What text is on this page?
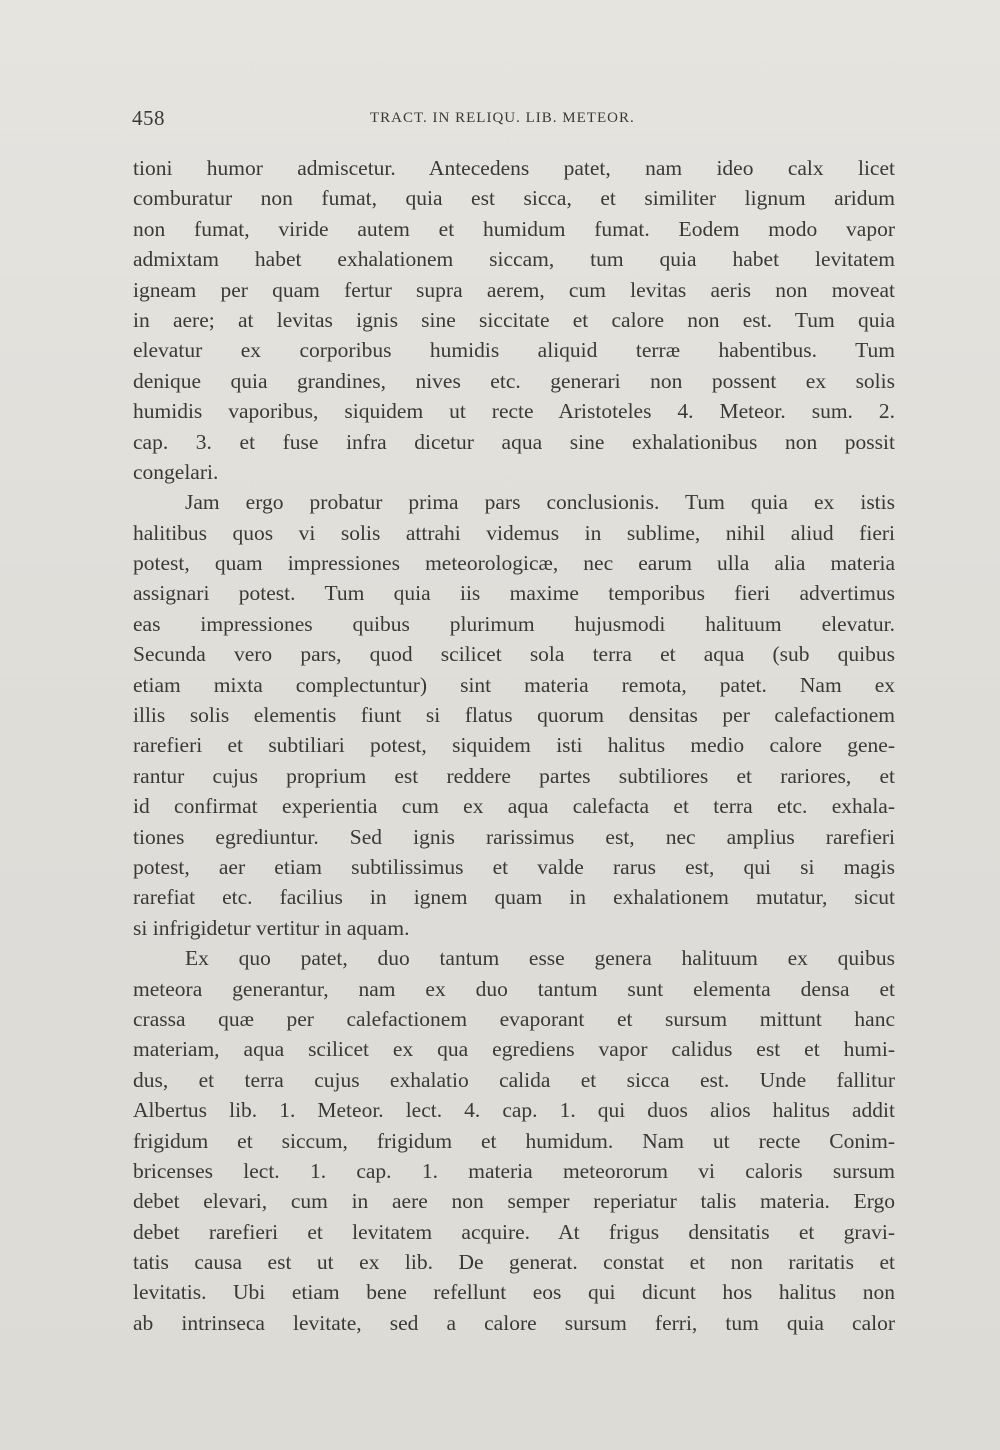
458	TRACT. IN RELIQU. LIB. METEOR.
tioni humor admiscetur. Antecedens patet, nam ideo calx licet
comburatur non fumat, quia est sicca, et similiter lignum aridum
non fumat, viride autem et humidum fumat. Eodem modo vapor
admixtam habet exhalationem siccam, tum quia habet levitatem
igneam per quam fertur supra aerem, cum levitas aeris non moveat
in aere; at levitas ignis sine siccitate et calore non est. Tum quia
elevatur ex corporibus humidis aliquid terræ habentibus. Tum
denique quia grandines, nives etc. generari non possent ex solis
humidis vaporibus, siquidem ut recte Aristoteles 4. Meteor. sum. 2.
cap. 3. et fuse infra dicetur aqua sine exhalationibus non possit
congelari.
Jam ergo probatur prima pars conclusionis. Tum quia ex istis
halitibus quos vi solis attrahi videmus in sublime, nihil aliud fieri
potest, quam impressiones meteorologicæ, nec earum ulla alia materia
assignari potest. Tum quia iis maxime temporibus fieri advertimus
eas impressiones quibus plurimum hujusmodi halituum elevatur.
Secunda vero pars, quod scilicet sola terra et aqua (sub quibus
etiam mixta complectuntur) sint materia remota, patet. Nam ex
illis solis elementis fiunt si flatus quorum densitas per calefactionem
rarefieri et subtiliari potest, siquidem isti halitus medio calore gene-
rantur cujus proprium est reddere partes subtiliores et rariores, et
id confirmat experientia cum ex aqua calefacta et terra etc. exhala-
tiones egrediuntur. Sed ignis rarissimus est, nec amplius rarefieri
potest, aer etiam subtilissimus et valde rarus est, qui si magis
rarefiat etc. facilius in ignem quam in exhalationem mutatur, sicut
si infrigidetur vertitur in aquam.
Ex quo patet, duo tantum esse genera halituum ex quibus
meteora generantur, nam ex duo tantum sunt elementa densa et
crassa quæ per calefactionem evaporant et sursum mittunt hanc
materiam, aqua scilicet ex qua egrediens vapor calidus est et humi-
dus, et terra cujus exhalatio calida et sicca est. Unde fallitur
Albertus lib. 1. Meteor. lect. 4. cap. 1. qui duos alios halitus addit
frigidum et siccum, frigidum et humidum. Nam ut recte Conim-
bricenses lect. 1. cap. 1. materia meteororum vi caloris sursum
debet elevari, cum in aere non semper reperiatur talis materia. Ergo
debet rarefieri et levitatem acquire. At frigus densitatis et gravi-
tatis causa est ut ex lib. De generat. constat et non raritatis et
levitatis. Ubi etiam bene refellunt eos qui dicunt hos halitus non
ab intrinseca levitate, sed a calore sursum ferri, tum quia calor
